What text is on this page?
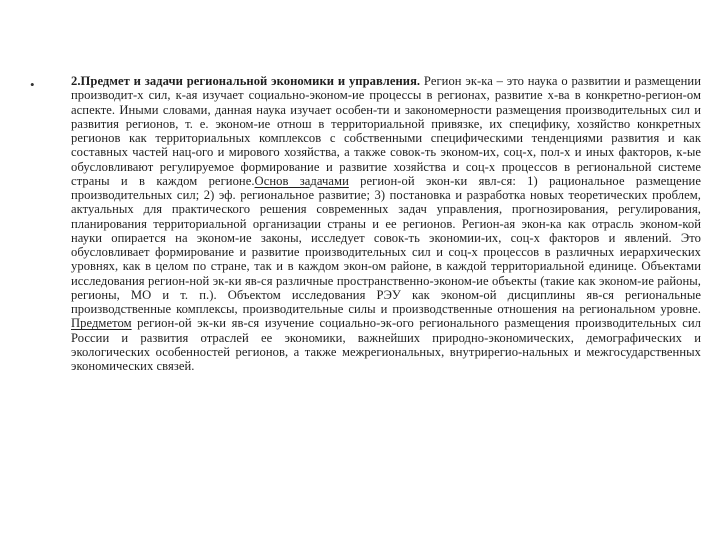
•	2.Предмет и задачи региональной экономики и управления. Регион эк-ка – это наука о развитии и размещении производит-х сил, к-ая изучает социально-эконом-ие процессы в регионах, развитие х-ва в конкретно-регион-ом аспекте. Иными словами, данная наука изучает особен-ти и закономерности размещения производительных сил и развития регионов, т. е. эконом-ие отнош в территориальной привязке, их специфику, хозяйство конкретных регионов как территориальных комплексов с собственными специфическими тенденциями развития и как составных частей нац-ого и мирового хозяйства, а также совок-ть эконом-их, соц-х, пол-х и иных факторов, к-ые обусловливают регулируемое формирование и развитие хозяйства и соц-х процессов в региональной системе страны и в каждом регионе.Основ задачами регион-ой экон-ки явл-ся: 1) рациональное размещение производительных сил; 2) эф. региональное развитие; 3) постановка и разработка новых теоретических проблем, актуальных для практического решения современных задач управления, прогнозирования, регулирования, планирования территориальной организации страны и ее регионов. Регион-ая экон-ка как отрасль эконом-кой науки опирается на эконом-ие законы, исследует совок-ть экономии-их, соц-х факторов и явлений. Это обусловливает формирование и развитие производительных сил и соц-х процессов в различных иерархических уровнях, как в целом по стране, так и в каждом экон-ом районе, в каждой территориальной единице. Объектами исследования регион-ной эк-ки яв-ся различные пространственно-эконом-ие объекты (такие как эконом-ие районы, регионы, МО и т. п.). Объектом исследования РЭУ как эконом-ой дисциплины яв-ся региональные производственные комплексы, производительные силы и производственные отношения на региональном уровне. Предметом регион-ой эк-ки яв-ся изучение социально-эк-ого регионального размещения производительных сил России и развития отраслей ее экономики, важнейших природно-экономических, демографических и экологических особенностей регионов, а также межрегиональных, внутрирегио-нальных и межгосударственных экономических связей.
